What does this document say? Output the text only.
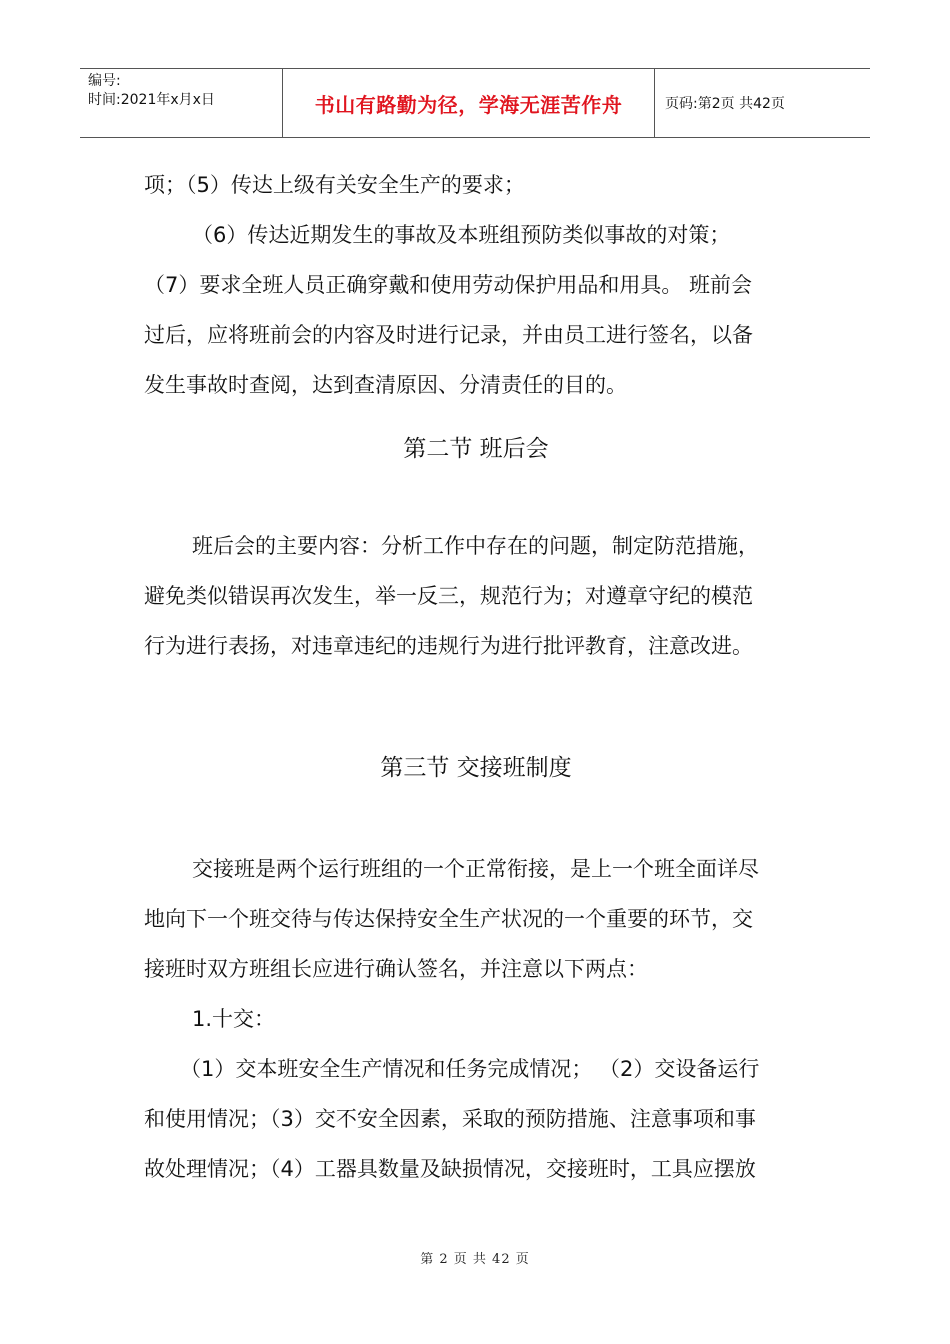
编号:
时间:2021年x月x日	书山有路勤为径，学海无涯苦作舟	页码:第2页 共42页

项；（5）传达上级有关安全生产的要求；

（6）传达近期发生的事故及本班组预防类似事故的对策；

（7）要求全班人员正确穿戴和使用劳动保护用品和用具。 班前会

过后，应将班前会的内容及时进行记录，并由员工进行签名，以备

发生事故时查阅，达到查清原因、分清责任的目的。

第二节 班后会

班后会的主要内容：分析工作中存在的问题，制定防范措施，

避免类似错误再次发生，举一反三，规范行为；对遵章守纪的模范

行为进行表扬，对违章违纪的违规行为进行批评教育，注意改进。

第三节 交接班制度

交接班是两个运行班组的一个正常衔接，是上一个班全面详尽

地向下一个班交待与传达保持安全生产状况的一个重要的环节，交

接班时双方班组长应进行确认签名，并注意以下两点：

1.十交：

（1）交本班安全生产情况和任务完成情况； （2）交设备运行

和使用情况；（3）交不安全因素，采取的预防措施、注意事项和事

故处理情况；（4）工器具数量及缺损情况，交接班时，工具应摆放

第 2 页 共 42 页
